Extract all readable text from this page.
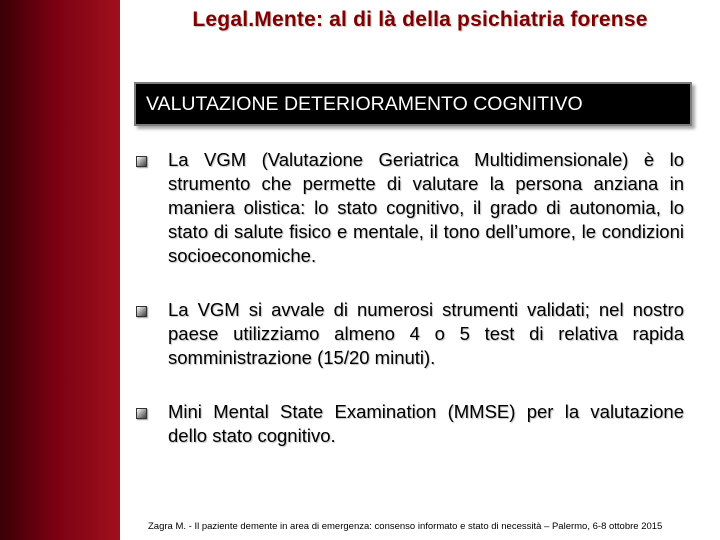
Legal.Mente: al di là della psichiatria forense
VALUTAZIONE DETERIORAMENTO COGNITIVO
La VGM (Valutazione Geriatrica Multidimensionale) è lo strumento che permette di valutare la persona anziana in maniera olistica: lo stato cognitivo, il grado di autonomia, lo stato di salute fisico e mentale, il tono dell’umore, le condizioni socioeconomiche.
La VGM si avvale di numerosi strumenti validati; nel nostro paese utilizziamo almeno 4 o 5 test di relativa rapida somministrazione (15/20 minuti).
Mini Mental State Examination (MMSE) per la valutazione dello stato cognitivo.
Zagra M. - Il paziente demente in area di emergenza: consenso informato e stato di necessità – Palermo, 6-8 ottobre 2015
